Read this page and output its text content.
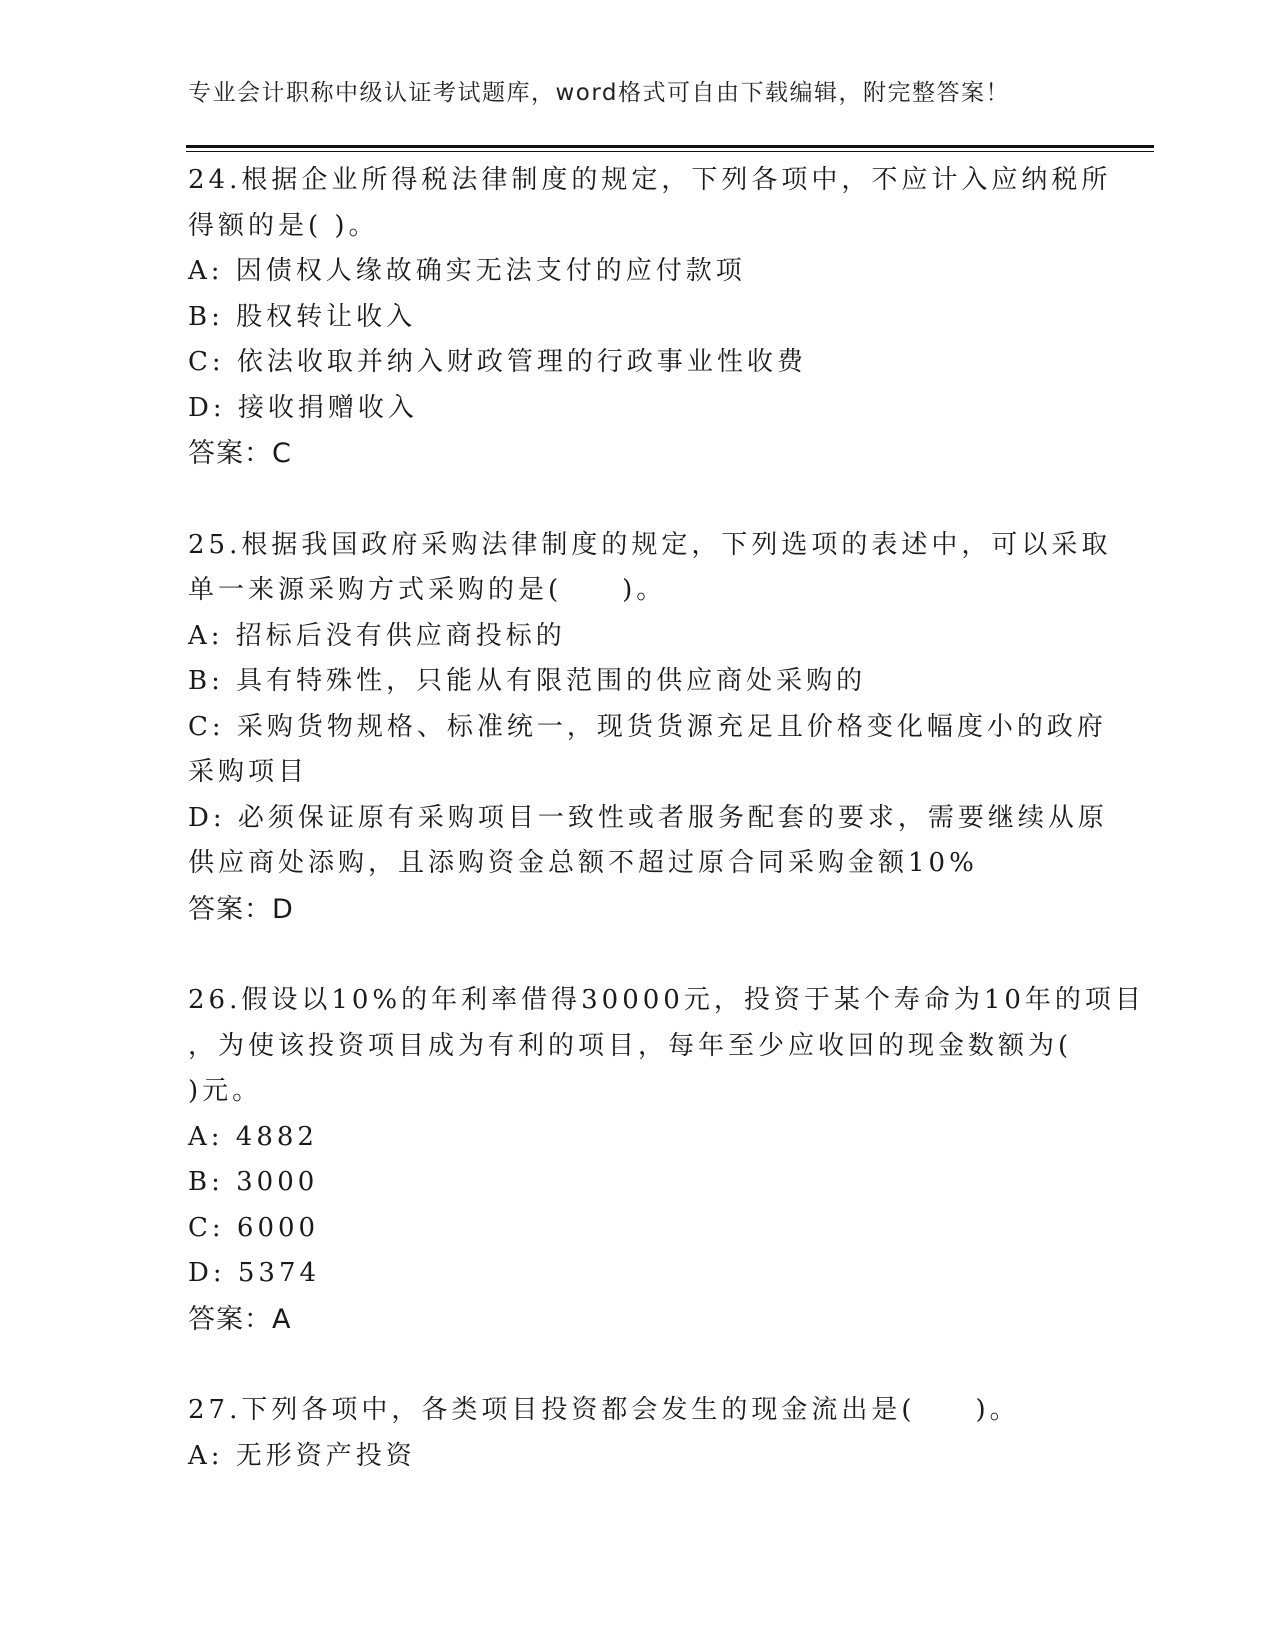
专业会计职称中级认证考试题库，word格式可自由下载编辑，附完整答案！
24.根据企业所得税法律制度的规定，下列各项中，不应计入应纳税所
得额的是( )。
A: 因债权人缘故确实无法支付的应付款项
B: 股权转让收入
C: 依法收取并纳入财政管理的行政事业性收费
D: 接收捐赠收入
答案：C
25.根据我国政府采购法律制度的规定，下列选项的表述中，可以采取
单一来源采购方式采购的是(　　)。
A: 招标后没有供应商投标的
B: 具有特殊性，只能从有限范围的供应商处采购的
C: 采购货物规格、标准统一，现货货源充足且价格变化幅度小的政府
采购项目
D: 必须保证原有采购项目一致性或者服务配套的要求，需要继续从原
供应商处添购，且添购资金总额不超过原合同采购金额10%
答案：D
26.假设以10%的年利率借得30000元，投资于某个寿命为10年的项目
，为使该投资项目成为有利的项目，每年至少应收回的现金数额为(
)元。
A: 4882
B: 3000
C: 6000
D: 5374
答案：A
27.下列各项中，各类项目投资都会发生的现金流出是(　　)。
A: 无形资产投资
